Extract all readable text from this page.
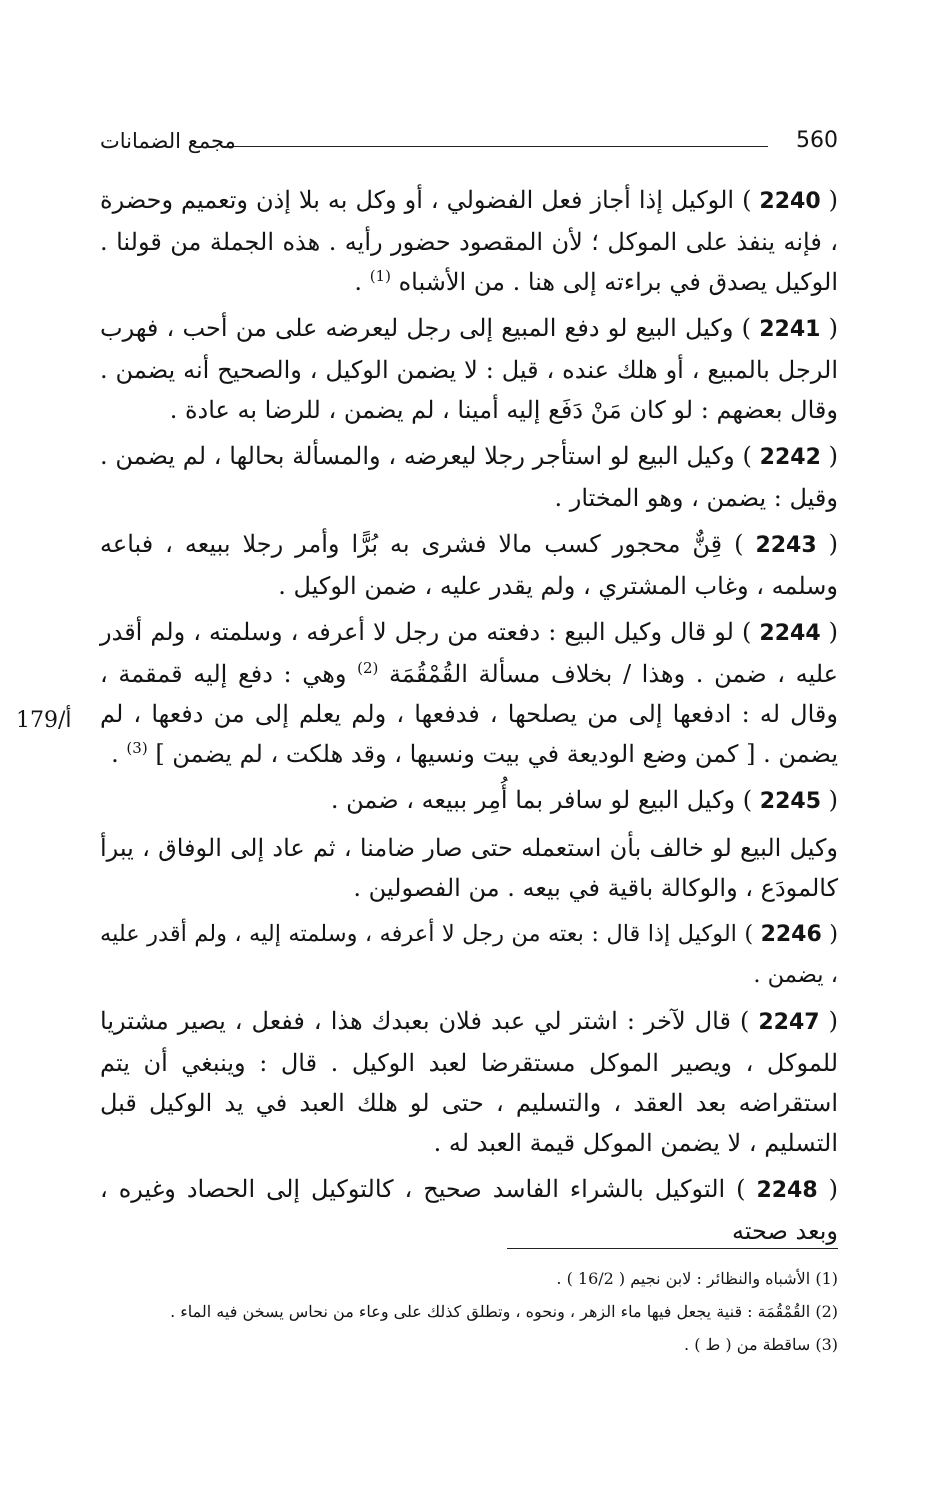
560
مجمع الضمانات
179/أ

( 2240 ) الوكيل إذا أجاز فعل الفضولي ، أو وكل به بلا إذن وتعميم وحضرة ، فإنه ينفذ على الموكل ؛ لأن المقصود حضور رأيه . هذه الجملة من قولنا . الوكيل يصدق في براءته إلى هنا . من الأشباه $^{(1)}$ .

( 2241 ) وكيل البيع لو دفع المبيع إلى رجل ليعرضه على من أحب ، فهرب الرجل بالمبيع ، أو هلك عنده ، قيل : لا يضمن الوكيل ، والصحيح أنه يضمن . وقال بعضهم : لو كان مَنْ دَفَع إليه أمينا ، لم يضمن ، للرضا به عادة .

( 2242 ) وكيل البيع لو استأجر رجلا ليعرضه ، والمسألة بحالها ، لم يضمن . وقيل : يضمن ، وهو المختار .

( 2243 ) قِنٌّ محجور كسب مالا فشرى به بُرًّا وأمر رجلا ببيعه ، فباعه وسلمه ، وغاب المشتري ، ولم يقدر عليه ، ضمن الوكيل .

( 2244 ) لو قال وكيل البيع : دفعته من رجل لا أعرفه ، وسلمته ، ولم أقدر عليه ، ضمن . وهذا / بخلاف مسألة القُمْقُمَة $^{(2)}$ وهي : دفع إليه قمقمة ، وقال له : ادفعها إلى من يصلحها ، فدفعها ، ولم يعلم إلى من دفعها ، لم يضمن . [ كمن وضع الوديعة في بيت ونسيها ، وقد هلكت ، لم يضمن ] $^{(3)}$ .

( 2245 ) وكيل البيع لو سافر بما أُمِر ببيعه ، ضمن .

وكيل البيع لو خالف بأن استعمله حتى صار ضامنا ، ثم عاد إلى الوفاق ، يبرأ كالمودَع ، والوكالة باقية في بيعه . من الفصولين .

( 2246 ) الوكيل إذا قال : بعته من رجل لا أعرفه ، وسلمته إليه ، ولم أقدر عليه ، يضمن .

( 2247 ) قال لآخر : اشتر لي عبد فلان بعبدك هذا ، ففعل ، يصير مشتريا للموكل ، ويصير الموكل مستقرضا لعبد الوكيل . قال : وينبغي أن يتم استقراضه بعد العقد ، والتسليم ، حتى لو هلك العبد في يد الوكيل قبل التسليم ، لا يضمن الموكل قيمة العبد له .

( 2248 ) التوكيل بالشراء الفاسد صحيح ، كالتوكيل إلى الحصاد وغيره ، وبعد صحته

(1) الأشباه والنظائر : لابن نجيم ( 16/2 ) .

(2) القُمْقُمَة : قنية يجعل فيها ماء الزهر ، ونحوه ، وتطلق كذلك على وعاء من نحاس يسخن فيه الماء .

(3) ساقطة من ( ط ) .
